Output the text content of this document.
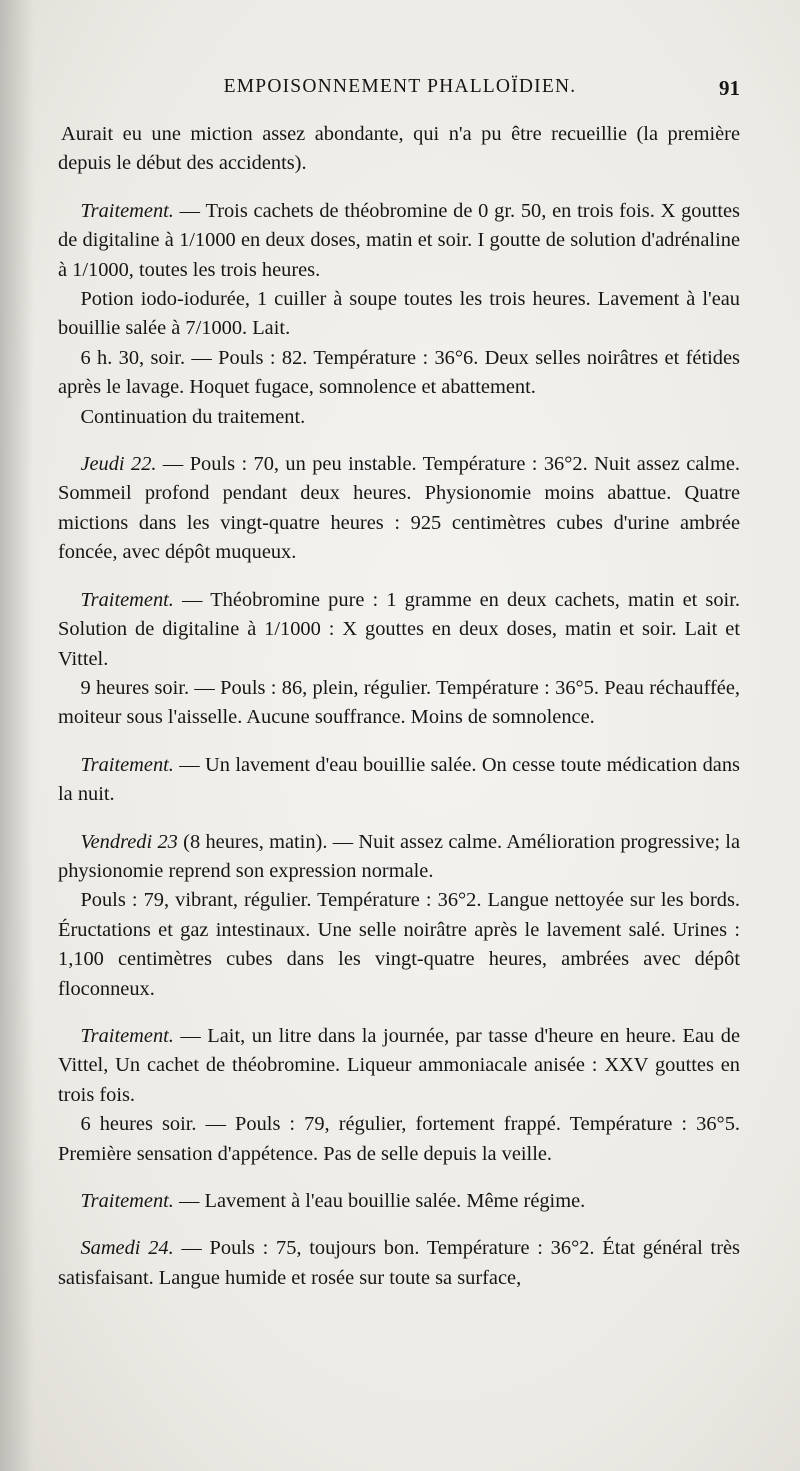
EMPOISONNEMENT PHALLOÏDIEN.	91

Aurait eu une miction assez abondante, qui n'a pu être recueillie (la première depuis le début des accidents).

Traitement. — Trois cachets de théobromine de 0 gr. 50, en trois fois. X gouttes de digitaline à 1/1000 en deux doses, matin et soir. I goutte de solution d'adrénaline à 1/1000, toutes les trois heures.

Potion iodo-iodurée, 1 cuiller à soupe toutes les trois heures. Lavement à l'eau bouillie salée à 7/1000. Lait.

6 h. 30, soir. — Pouls : 82. Température : 36°6. Deux selles noirâtres et fétides après le lavage. Hoquet fugace, somnolence et abattement.

Continuation du traitement.

Jeudi 22. — Pouls : 70, un peu instable. Température : 36°2. Nuit assez calme. Sommeil profond pendant deux heures. Physionomie moins abattue. Quatre mictions dans les vingt-quatre heures : 925 centimètres cubes d'urine ambrée foncée, avec dépôt muqueux.

Traitement. — Théobromine pure : 1 gramme en deux cachets, matin et soir. Solution de digitaline à 1/1000 : X gouttes en deux doses, matin et soir. Lait et Vittel.

9 heures soir. — Pouls : 86, plein, régulier. Température : 36°5. Peau réchauffée, moiteur sous l'aisselle. Aucune souffrance. Moins de somnolence.

Traitement. — Un lavement d'eau bouillie salée. On cesse toute médication dans la nuit.

Vendredi 23 (8 heures, matin). — Nuit assez calme. Amélioration progressive; la physionomie reprend son expression normale.

Pouls : 79, vibrant, régulier. Température : 36°2. Langue nettoyée sur les bords. Éructations et gaz intestinaux. Une selle noirâtre après le lavement salé. Urines : 1,100 centimètres cubes dans les vingt-quatre heures, ambrées avec dépôt floconneux.

Traitement. — Lait, un litre dans la journée, par tasse d'heure en heure. Eau de Vittel, Un cachet de théobromine. Liqueur ammoniacale anisée : XXV gouttes en trois fois.

6 heures soir. — Pouls : 79, régulier, fortement frappé. Température : 36°5. Première sensation d'appétence. Pas de selle depuis la veille.

Traitement. — Lavement à l'eau bouillie salée. Même régime.

Samedi 24. — Pouls : 75, toujours bon. Température : 36°2. État général très satisfaisant. Langue humide et rosée sur toute sa surface,
